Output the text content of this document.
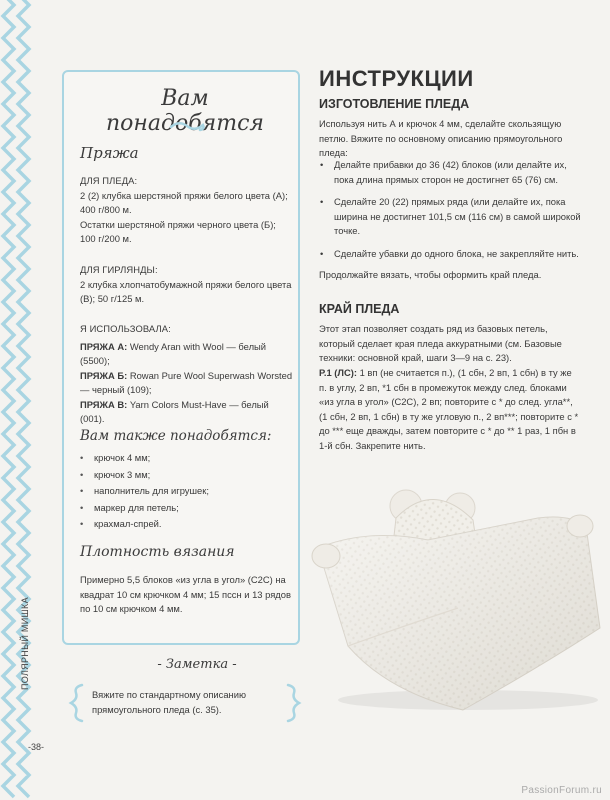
ПОЛЯРНЫЙ МИШКА
-38-
PassionForum.ru
Вам понадобятся
Пряжа

ДЛЯ ПЛЕДА:

2 (2) клубка шерстяной пряжи белого цвета (А); 400 г/800 м.

Остатки шерстяной пряжи черного цвета (Б); 100 г/200 м.

ДЛЯ ГИРЛЯНДЫ:

2 клубка хлопчатобумажной пряжи белого цвета (В); 50 г/125 м.

Я ИСПОЛЬЗОВАЛА:

ПРЯЖА А: Wendy Aran with Wool — белый (5500);

ПРЯЖА Б: Rowan Pure Wool Superwash Worsted — черный (109);

ПРЯЖА В: Yarn Colors Must-Have — белый (001).

Вам также понадобятся:
• крючок 4 мм;
• крючок 3 мм;
• наполнитель для игрушек;
• маркер для петель;
• крахмал-спрей.
Плотность вязания
Примерно 5,5 блоков «из угла в угол» (С2С) на квадрат 10 см крючком 4 мм; 15 пссн и 13 рядов по 10 см крючком 4 мм.
- Заметка -

Вяжите по стандартному описанию прямоугольного пледа (с. 35).

ИНСТРУКЦИИ
ИЗГОТОВЛЕНИЕ ПЛЕДА

Используя нить А и крючок 4 мм, сделайте скользящую петлю. Вяжите по основному описанию прямоугольного пледа:

• Делайте прибавки до 36 (42) блоков (или делайте их, пока длина прямых сторон не достигнет 65 (76) см.
• Сделайте 20 (22) прямых ряда (или делайте их, пока ширина не достигнет 101,5 см (116 см) в самой широкой точке.
• Сделайте убавки до одного блока, не закрепляйте нить.

Продолжайте вязать, чтобы оформить край пледа.

КРАЙ ПЛЕДА

Этот этап позволяет создать ряд из базовых петель, который сделает края пледа аккуратными (см. Базовые техники: основной край, шаги 3—9 на с. 23).

Р.1 (ЛС): 1 вп (не считается п.), (1 сбн, 2 вп, 1 сбн) в ту же п. в углу, 2 вп, *1 сбн в промежуток между след. блоками «из угла в угол» (С2С), 2 вп; повторите с * до след. угла**, (1 сбн, 2 вп, 1 сбн) в ту же угловую п., 2 вп***; повторите с * до *** еще дважды, затем повторите с * до ** 1 раз, 1 пбн в 1-й сбн. Закрепите нить.
